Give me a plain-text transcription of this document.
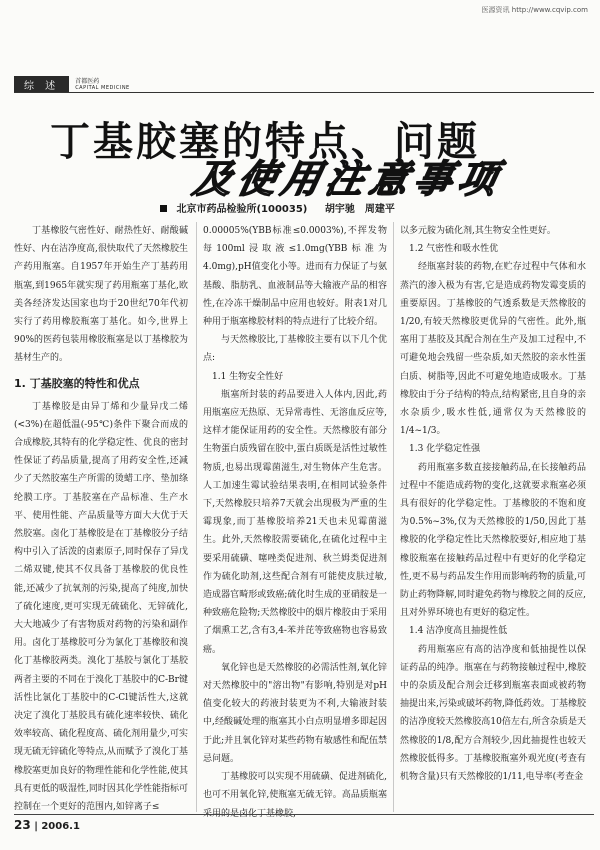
医源资讯 http://www.cqvip.com
综 述	首都医药
CAPITAL MEDICINE
丁基胶塞的特点、问题
及使用注意事项
北京市药品检验所(100035) 胡宇驰　周建平

丁基橡胶气密性好、耐热性好、耐酸碱性好、内在洁净度高,很快取代了天然橡胶生产药用瓶塞。自1957年开始生产丁基药用瓶塞,到1965年就实现了药用瓶塞丁基化,欧美各经济发达国家也均于20世纪70年代初实行了药用橡胶瓶塞丁基化。如今,世界上90%的医药包装用橡胶瓶塞是以丁基橡胶为基材生产的。

1. 丁基胶塞的特性和优点

丁基橡胶是由异丁烯和少量异戊二烯(<3%)在超低温(-95℃)条件下聚合而成的合成橡胶,其特有的化学稳定性、优良的密封性保证了药品质量,提高了用药安全性,还减少了天然胶塞生产所需的烫蜡工序、垫加绦纶膜工序。丁基胶塞在产品标准、生产水平、使用性能、产品质量等方面大大优于天然胶塞。卤化丁基橡胶是在丁基橡胶分子结构中引入了活泼的卤素原子,同时保存了异戊二烯双键,使其不仅具备丁基橡胶的优良性能,还减少了抗氧剂的污染,提高了纯度,加快了硫化速度,更可实现无硫硫化、无锌硫化,大大地减少了有害物质对药物的污染和副作用。卤化丁基橡胶可分为氯化丁基橡胶和溴化丁基橡胶两类。溴化丁基胶与氯化丁基胶两者主要的不同在于溴化丁基胶中的C-Br键活性比氯化丁基胶中的C-Cl键活性大,这就决定了溴化丁基胶具有硫化速率较快、硫化效率较高、硫化程度高、硫化剂用量少,可实现无硫无锌硫化等特点,从而赋予了溴化丁基橡胶塞更加良好的物理性能和化学性能,使其具有更低的吸湿性,同时因其化学性能指标可控制在一个更好的范围内,如锌离子≤

0.00005%(YBB标准≤0.0003%),不挥发物每100ml浸取液≤1.0mg(YBB标准为4.0mg),pH值变化小等。进而有力保证了与氨基酸、脂肪乳、血液制品等大输液产品的相容性,在冷冻干燥制品中应用也较好。附表1对几种用于瓶塞橡胶材料的特点进行了比较介绍。

与天然橡胶比,丁基橡胶主要有以下几个优点:

1.1 生物安全性好

瓶塞所封装的药品要进入人体内,因此,药用瓶塞应无热原、无异常毒性、无溶血反应等,这样才能保证用药的安全性。天然橡胶有部分生物蛋白质残留在胶中,蛋白质既是活性过敏性物质,也易出现霉菌滋生,对生物体产生危害。人工加速生霉试验结果表明,在相同试验条件下,天然橡胶只培养7天就会出现极为严重的生霉现象,而丁基橡胶培养21天也未见霉菌滋生。此外,天然橡胶需要硫化,在硫化过程中主要采用硫磺、噻唑类促进剂、秋兰姆类促进剂作为硫化助剂,这些配合剂有可能使皮肤过敏,造成器官畸形或致癌;硫化时生成的亚硝胺是一种致癌危险物;天然橡胶中的烟片橡胶由于采用了烟熏工艺,含有3,4-苯并芘等致癌物也容易致癌。

氧化锌也是天然橡胶的必需活性剂,氧化锌对天然橡胶中的"溶出物"有影响,特别是对pH值变化较大的药液封装更为不利,大输液封装中,经酸碱处理的瓶塞其小白点明显增多即起因于此;并且氧化锌对某些药物有敏感性和配伍禁忌问题。

丁基橡胶可以实现不用硫磺、促进剂硫化,也可不用氧化锌,使瓶塞无硫无锌。高品质瓶塞

以多元胺为硫化剂,其生物安全性更好。

1.2 气密性和吸水性优

经瓶塞封装的药物,在贮存过程中气体和水蒸汽的渗入极为有害,它是造成药物发霉变质的重要原因。丁基橡胶的气透系数是天然橡胶的1/20,有较天然橡胶更优异的气密性。此外,瓶塞用丁基胶及其配合剂在生产及加工过程中,不可避免地会残留一些杂质,如天然胶的亲水性蛋白质、树脂等,因此不可避免地造成吸水。丁基橡胶由于分子结构的特点,结构紧密,且自身的亲水杂质少,吸水性低,通常仅为天然橡胶的1/4~1/3。

1.3 化学稳定性强

药用瓶塞多数直接接触药品,在长接触药品过程中不能造成药物的变化,这就要求瓶塞必须具有很好的化学稳定性。丁基橡胶的不饱和度为0.5%~3%,仅为天然橡胶的1/50,因此丁基橡胶的化学稳定性比天然橡胶要好,相应地丁基橡胶瓶塞在接触药品过程中有更好的化学稳定性,更不易与药品发生作用而影响药物的质量,可防止药物降解,同时避免药物与橡胶之间的反应,且对外界环境也有更好的稳定性。

1.4 洁净度高且抽提性低

药用瓶塞应有高的洁净度和低抽提性以保证药品的纯净。瓶塞在与药物接触过程中,橡胶中的杂质及配合剂会迁移到瓶塞表面或被药物抽提出来,污染或破坏药物,降低药效。丁基橡胶的洁净度较天然橡胶高10倍左右,所含杂质是天然橡胶的1/8,配方合剂较少,因此抽提性也较天然橡胶低得多。丁基橡胶瓶塞外观光度(考查有机物含量)只有天然橡胶的1/11,电导率(考查金

23 | 2006.1
